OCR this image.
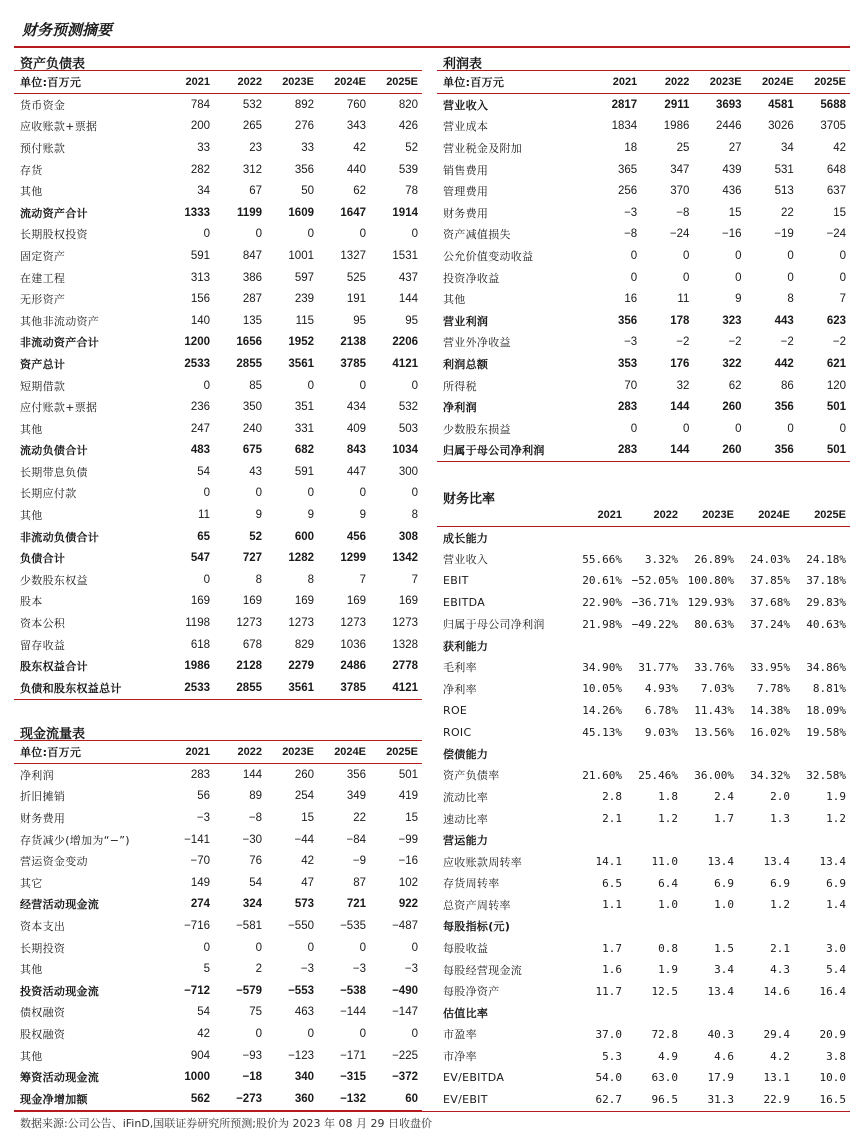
财务预测摘要
资产负债表
单位:百万元	2021	2022	2023E	2024E	2025E
货币资金	784	532	892	760	820
应收账款+票据	200	265	276	343	426
预付账款	33	23	33	42	52
存货	282	312	356	440	539
其他	34	67	50	62	78
流动资产合计	1333	1199	1609	1647	1914
长期股权投资	0	0	0	0	0
固定资产	591	847	1001	1327	1531
在建工程	313	386	597	525	437
无形资产	156	287	239	191	144
其他非流动资产	140	135	115	95	95
非流动资产合计	1200	1656	1952	2138	2206
资产总计	2533	2855	3561	3785	4121
短期借款	0	85	0	0	0
应付账款+票据	236	350	351	434	532
其他	247	240	331	409	503
流动负债合计	483	675	682	843	1034
长期带息负债	54	43	591	447	300
长期应付款	0	0	0	0	0
其他	11	9	9	9	8
非流动负债合计	65	52	600	456	308
负债合计	547	727	1282	1299	1342
少数股东权益	0	8	8	7	7
股本	169	169	169	169	169
资本公积	1198	1273	1273	1273	1273
留存收益	618	678	829	1036	1328
股东权益合计	1986	2128	2279	2486	2778
负债和股东权益总计	2533	2855	3561	3785	4121
利润表
单位:百万元	2021	2022	2023E	2024E	2025E
营业收入	2817	2911	3693	4581	5688
营业成本	1834	1986	2446	3026	3705
营业税金及附加	18	25	27	34	42
销售费用	365	347	439	531	648
管理费用	256	370	436	513	637
财务费用	−3	−8	15	22	15
资产减值损失	−8	−24	−16	−19	−24
公允价值变动收益	0	0	0	0	0
投资净收益	0	0	0	0	0
其他	16	11	9	8	7
营业利润	356	178	323	443	623
营业外净收益	−3	−2	−2	−2	−2
利润总额	353	176	322	442	621
所得税	70	32	62	86	120
净利润	283	144	260	356	501
少数股东损益	0	0	0	0	0
归属于母公司净利润	283	144	260	356	501
现金流量表
单位:百万元	2021	2022	2023E	2024E	2025E
净利润	283	144	260	356	501
折旧摊销	56	89	254	349	419
财务费用	−3	−8	15	22	15
存货减少(增加为“−”)	−141	−30	−44	−84	−99
营运资金变动	−70	76	42	−9	−16
其它	149	54	47	87	102
经营活动现金流	274	324	573	721	922
资本支出	−716	−581	−550	−535	−487
长期投资	0	0	0	0	0
其他	5	2	−3	−3	−3
投资活动现金流	−712	−579	−553	−538	−490
债权融资	54	75	463	−144	−147
股权融资	42	0	0	0	0
其他	904	−93	−123	−171	−225
筹资活动现金流	1000	−18	340	−315	−372
现金净增加额	562	−273	360	−132	60
财务比率
	2021	2022	2023E	2024E	2025E
成长能力					
营业收入	55.66%	3.32%	26.89%	24.03%	24.18%
EBIT	20.61%	−52.05%	100.80%	37.85%	37.18%
EBITDA	22.90%	−36.71%	129.93%	37.68%	29.83%
归属于母公司净利润	21.98%	−49.22%	80.63%	37.24%	40.63%
获利能力					
毛利率	34.90%	31.77%	33.76%	33.95%	34.86%
净利率	10.05%	4.93%	7.03%	7.78%	8.81%
ROE	14.26%	6.78%	11.43%	14.38%	18.09%
ROIC	45.13%	9.03%	13.56%	16.02%	19.58%
偿债能力					
资产负债率	21.60%	25.46%	36.00%	34.32%	32.58%
流动比率	2.8	1.8	2.4	2.0	1.9
速动比率	2.1	1.2	1.7	1.3	1.2
营运能力					
应收账款周转率	14.1	11.0	13.4	13.4	13.4
存货周转率	6.5	6.4	6.9	6.9	6.9
总资产周转率	1.1	1.0	1.0	1.2	1.4
每股指标(元)					
每股收益	1.7	0.8	1.5	2.1	3.0
每股经营现金流	1.6	1.9	3.4	4.3	5.4
每股净资产	11.7	12.5	13.4	14.6	16.4
估值比率					
市盈率	37.0	72.8	40.3	29.4	20.9
市净率	5.3	4.9	4.6	4.2	3.8
EV/EBITDA	54.0	63.0	17.9	13.1	10.0
EV/EBIT	62.7	96.5	31.3	22.9	16.5
数据来源:公司公告、iFinD,国联证券研究所预测;股价为 2023 年 08 月 29 日收盘价
